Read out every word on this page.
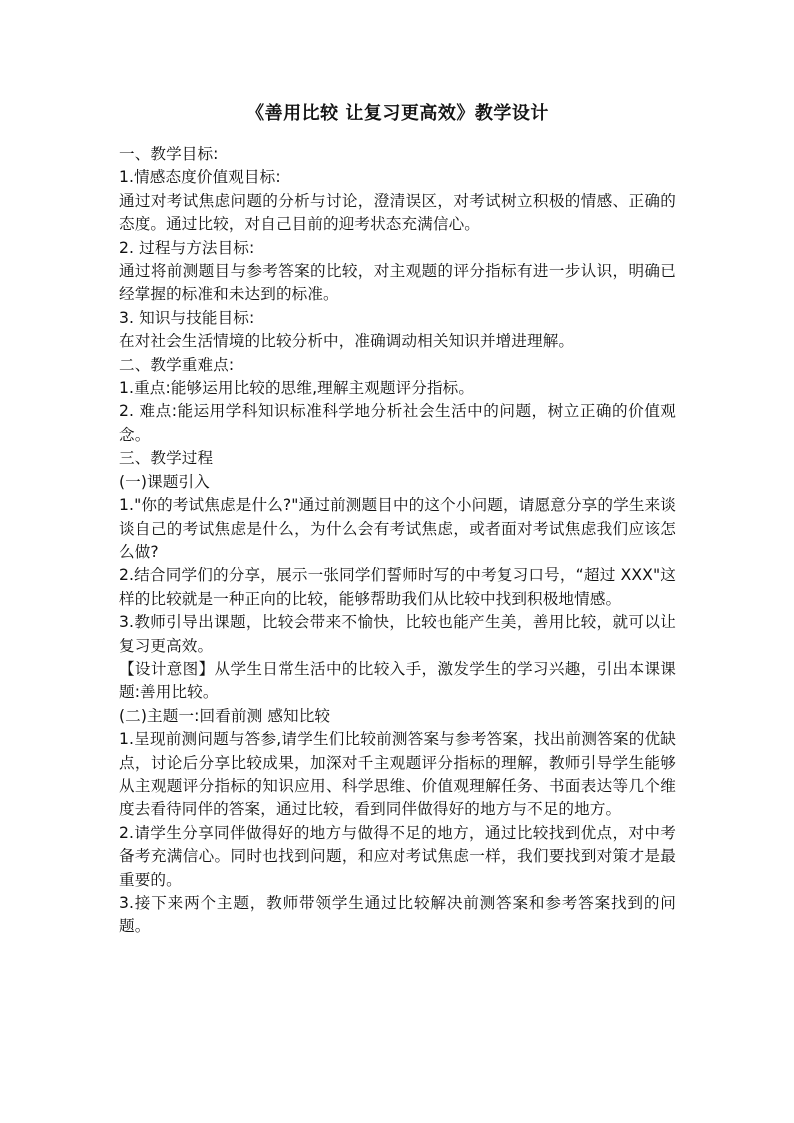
《善用比较 让复习更高效》教学设计

一、教学目标:

1.情感态度价值观目标:

通过对考试焦虑问题的分析与讨论，澄清误区，对考试树立积极的情感、正确的态度。通过比较，对自己目前的迎考状态充满信心。

2. 过程与方法目标:

通过将前测题目与参考答案的比较，对主观题的评分指标有进一步认识，明确已经掌握的标准和未达到的标准。

3. 知识与技能目标:

在对社会生活情境的比较分析中，准确调动相关知识并增进理解。

二、教学重难点:

1.重点:能够运用比较的思维,理解主观题评分指标。

2. 难点:能运用学科知识标准科学地分析社会生活中的问题，树立正确的价值观念。

三、教学过程

(一)课题引入

1."你的考试焦虑是什么?"通过前测题目中的这个小问题，请愿意分享的学生来谈谈自己的考试焦虑是什么，为什么会有考试焦虑，或者面对考试焦虑我们应该怎么做?

2.结合同学们的分享，展示一张同学们誓师时写的中考复习口号，“超过 XXX"这样的比较就是一种正向的比较，能够帮助我们从比较中找到积极地情感。

3.教师引导出课题，比较会带来不愉快，比较也能产生美，善用比较，就可以让复习更高效。

【设计意图】从学生日常生活中的比较入手，激发学生的学习兴趣，引出本课课题:善用比较。

(二)主题一:回看前测 感知比较

1.呈现前测问题与答参,请学生们比较前测答案与参考答案，找出前测答案的优缺点，讨论后分享比较成果，加深对千主观题评分指标的理解，教师引导学生能够从主观题评分指标的知识应用、科学思维、价值观理解任务、书面表达等几个维度去看待同伴的答案，通过比较，看到同伴做得好的地方与不足的地方。

2.请学生分享同伴做得好的地方与做得不足的地方，通过比较找到优点，对中考备考充满信心。同时也找到问题，和应对考试焦虑一样，我们要找到对策才是最重要的。

3.接下来两个主题，教师带领学生通过比较解决前测答案和参考答案找到的问题。
